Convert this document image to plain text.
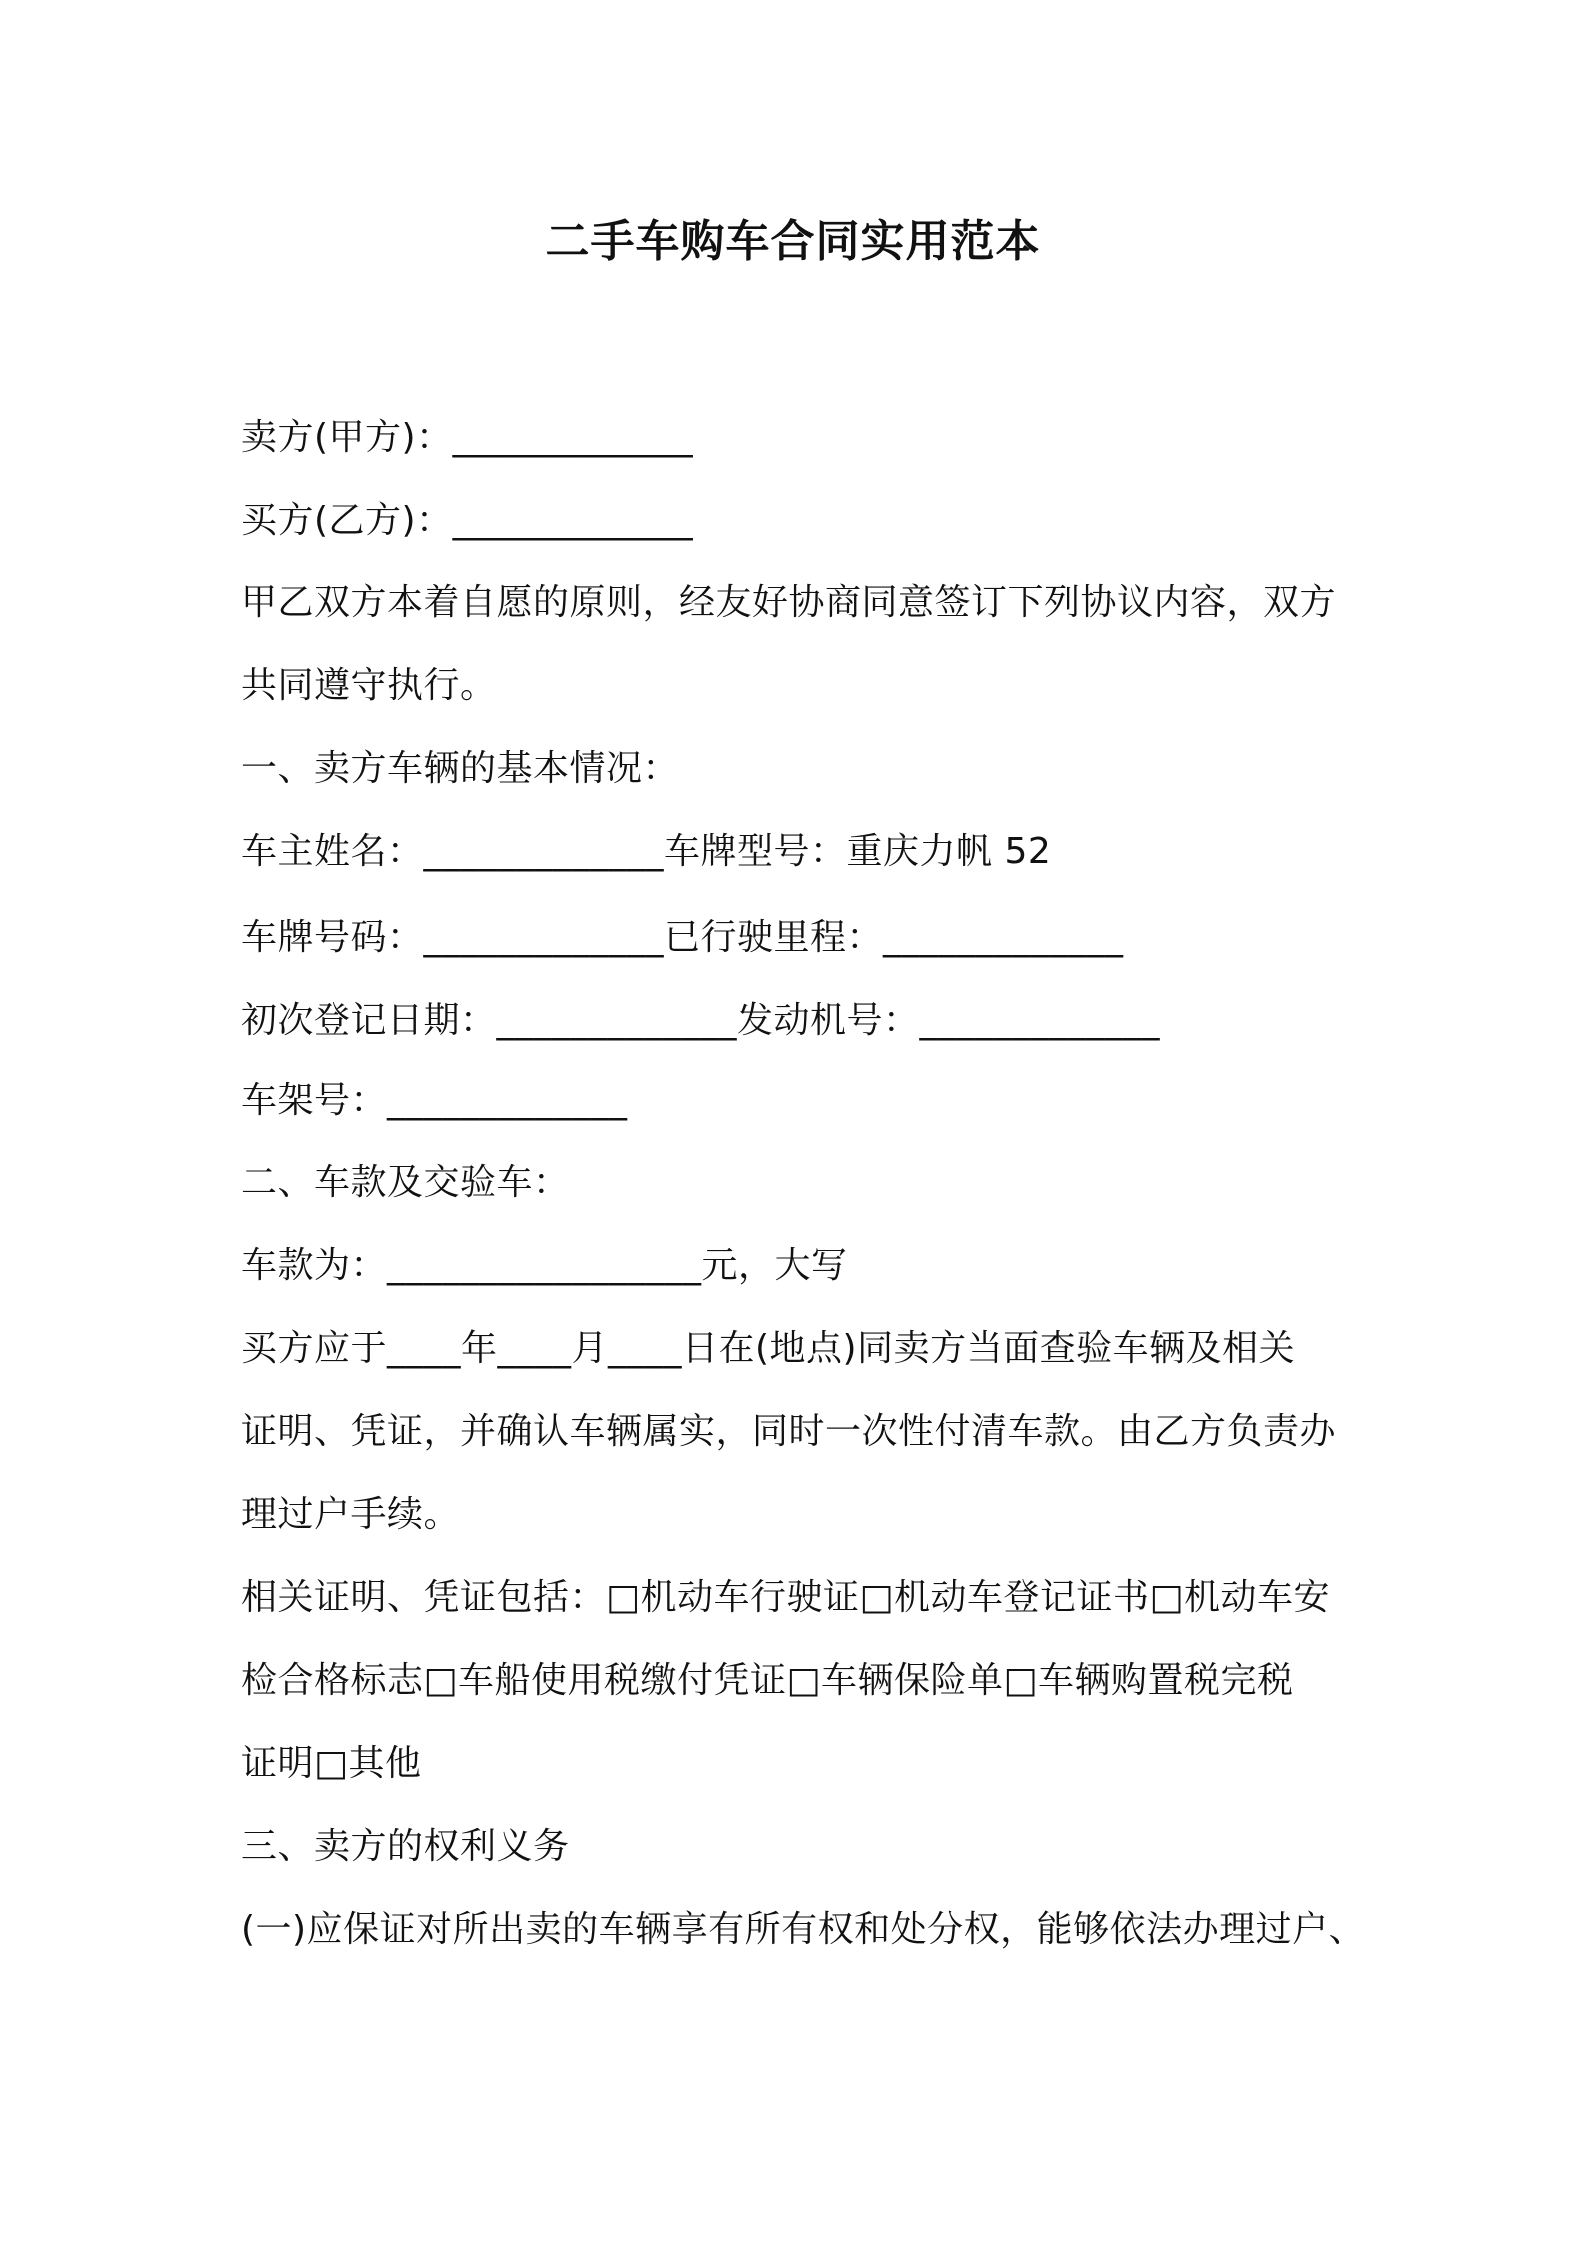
二手车购车合同实用范本
卖方(甲方)：_____________
买方(乙方)：_____________
甲乙双方本着自愿的原则，经友好协商同意签订下列协议内容，双方
共同遵守执行。
一、卖方车辆的基本情况：
车主姓名：_____________车牌型号：重庆力帆 52
车牌号码：_____________已行驶里程：_____________
初次登记日期：_____________发动机号：_____________
车架号：_____________
二、车款及交验车：
车款为：_________________元，大写
买方应于____年____月____日在(地点)同卖方当面查验车辆及相关
证明、凭证，并确认车辆属实，同时一次性付清车款。由乙方负责办
理过户手续。
相关证明、凭证包括：□机动车行驶证□机动车登记证书□机动车安
检合格标志□车船使用税缴付凭证□车辆保险单□车辆购置税完税
证明□其他
三、卖方的权利义务
(一)应保证对所出卖的车辆享有所有权和处分权，能够依法办理过户、
